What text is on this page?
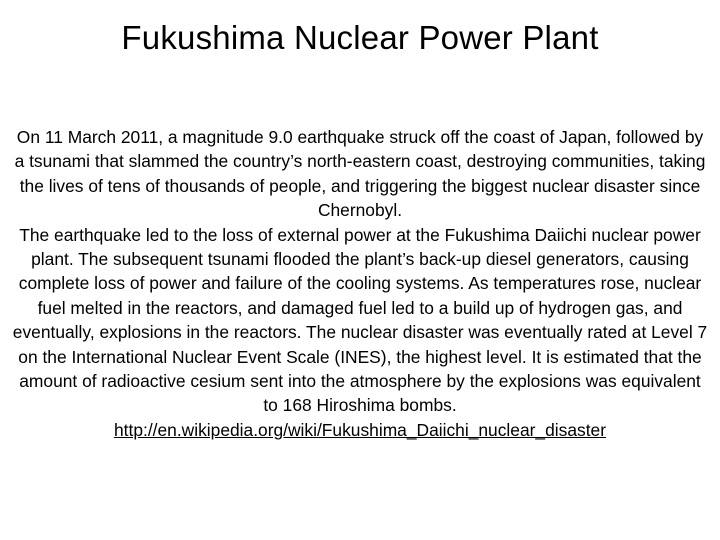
Fukushima Nuclear Power Plant

On 11 March 2011, a magnitude 9.0 earthquake struck off the coast of Japan, followed by a tsunami that slammed the country’s north-eastern coast, destroying communities, taking the lives of tens of thousands of people, and triggering the biggest nuclear disaster since Chernobyl.

The earthquake led to the loss of external power at the Fukushima Daiichi nuclear power plant. The subsequent tsunami flooded the plant’s back-up diesel generators, causing complete loss of power and failure of the cooling systems. As temperatures rose, nuclear fuel melted in the reactors, and damaged fuel led to a build up of hydrogen gas, and eventually, explosions in the reactors. The nuclear disaster was eventually rated at Level 7 on the International Nuclear Event Scale (INES), the highest level. It is estimated that the amount of radioactive cesium sent into the atmosphere by the explosions was equivalent to 168 Hiroshima bombs.

http://en.wikipedia.org/wiki/Fukushima_Daiichi_nuclear_disaster
